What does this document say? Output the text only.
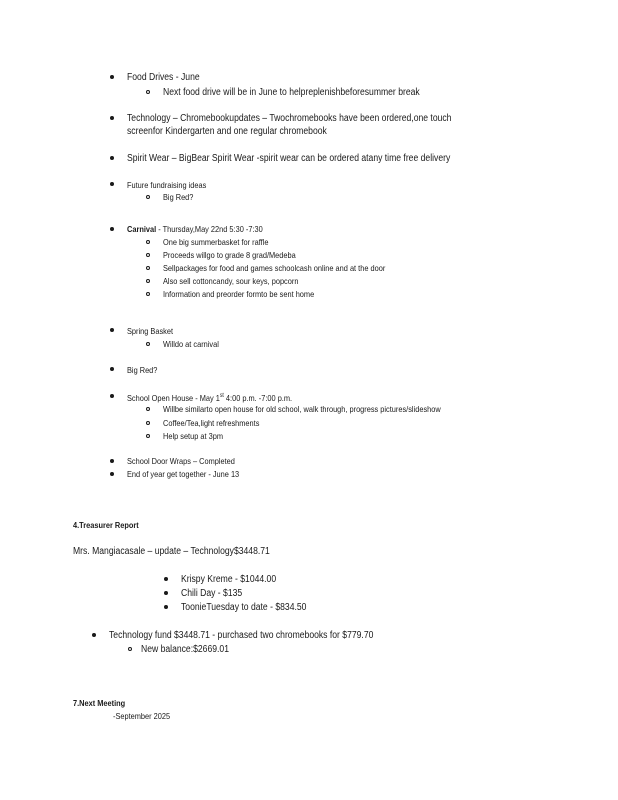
Food Drives - June
Next food drive will be in June to helpreplenishbeforesummer break
Technology – Chromebookupdates – Twochromebooks have been ordered,one touch
screenfor Kindergarten and one regular chromebook
Spirit Wear – BigBear Spirit Wear -spirit wear can be ordered atany time free delivery
Future fundraising ideas
Big Red?
Carnival - Thursday,May 22nd 5:30 -7:30
One big summerbasket for raffle
Proceeds willgo to grade 8 grad/Medeba
Sellpackages for food and games schoolcash online and at the door
Also sell cottoncandy, sour keys, popcorn
Information and preorder formto be sent home
Spring Basket
Willdo at carnival
Big Red?
School Open House - May 1st 4:00 p.m. -7:00 p.m.
Willbe similarto open house for old school, walk through, progress pictures/slideshow
Coffee/Tea,light refreshments
Help setup at 3pm
School Door Wraps – Completed
End of year get together - June 13
4.Treasurer Report
Mrs. Mangiacasale – update – Technology$3448.71
Krispy Kreme - $1044.00
Chili Day - $135
ToonieTuesday to date - $834.50
Technology fund $3448.71 - purchased two chromebooks for $779.70
New balance:$2669.01
7.Next Meeting
-September 2025
